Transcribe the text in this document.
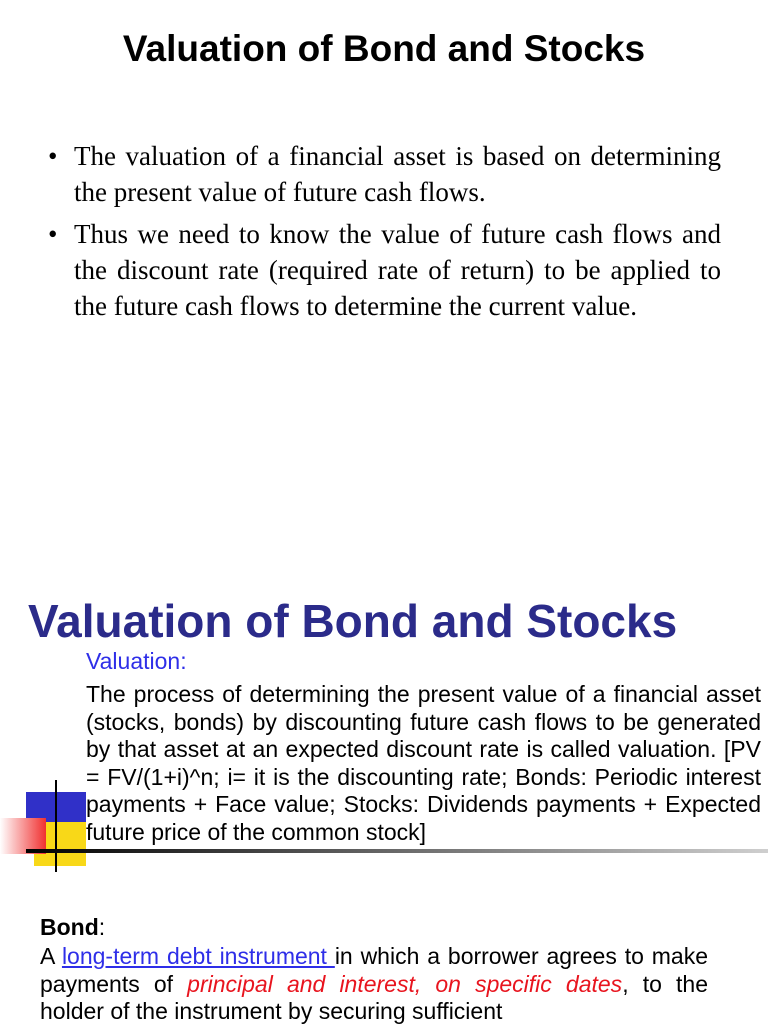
Valuation of Bond and Stocks
• The valuation of a financial asset is based on determining the present value of future cash flows.
• Thus we need to know the value of future cash flows and the discount rate (required rate of return) to be applied to the future cash flows to determine the current value.
Valuation of Bond and Stocks
Valuation:

The process of determining the present value of a financial asset (stocks, bonds) by discounting future cash flows to be generated by that asset at an expected discount rate is called valuation. [PV = FV/(1+i)^n; i= it is the discounting rate; Bonds: Periodic interest payments + Face value; Stocks: Dividends payments + Expected future price of the common stock]

Bond:

A long-term debt instrument in which a borrower agrees to make payments of principal and interest, on specific dates, to the holder of the instrument by securing sufficient
